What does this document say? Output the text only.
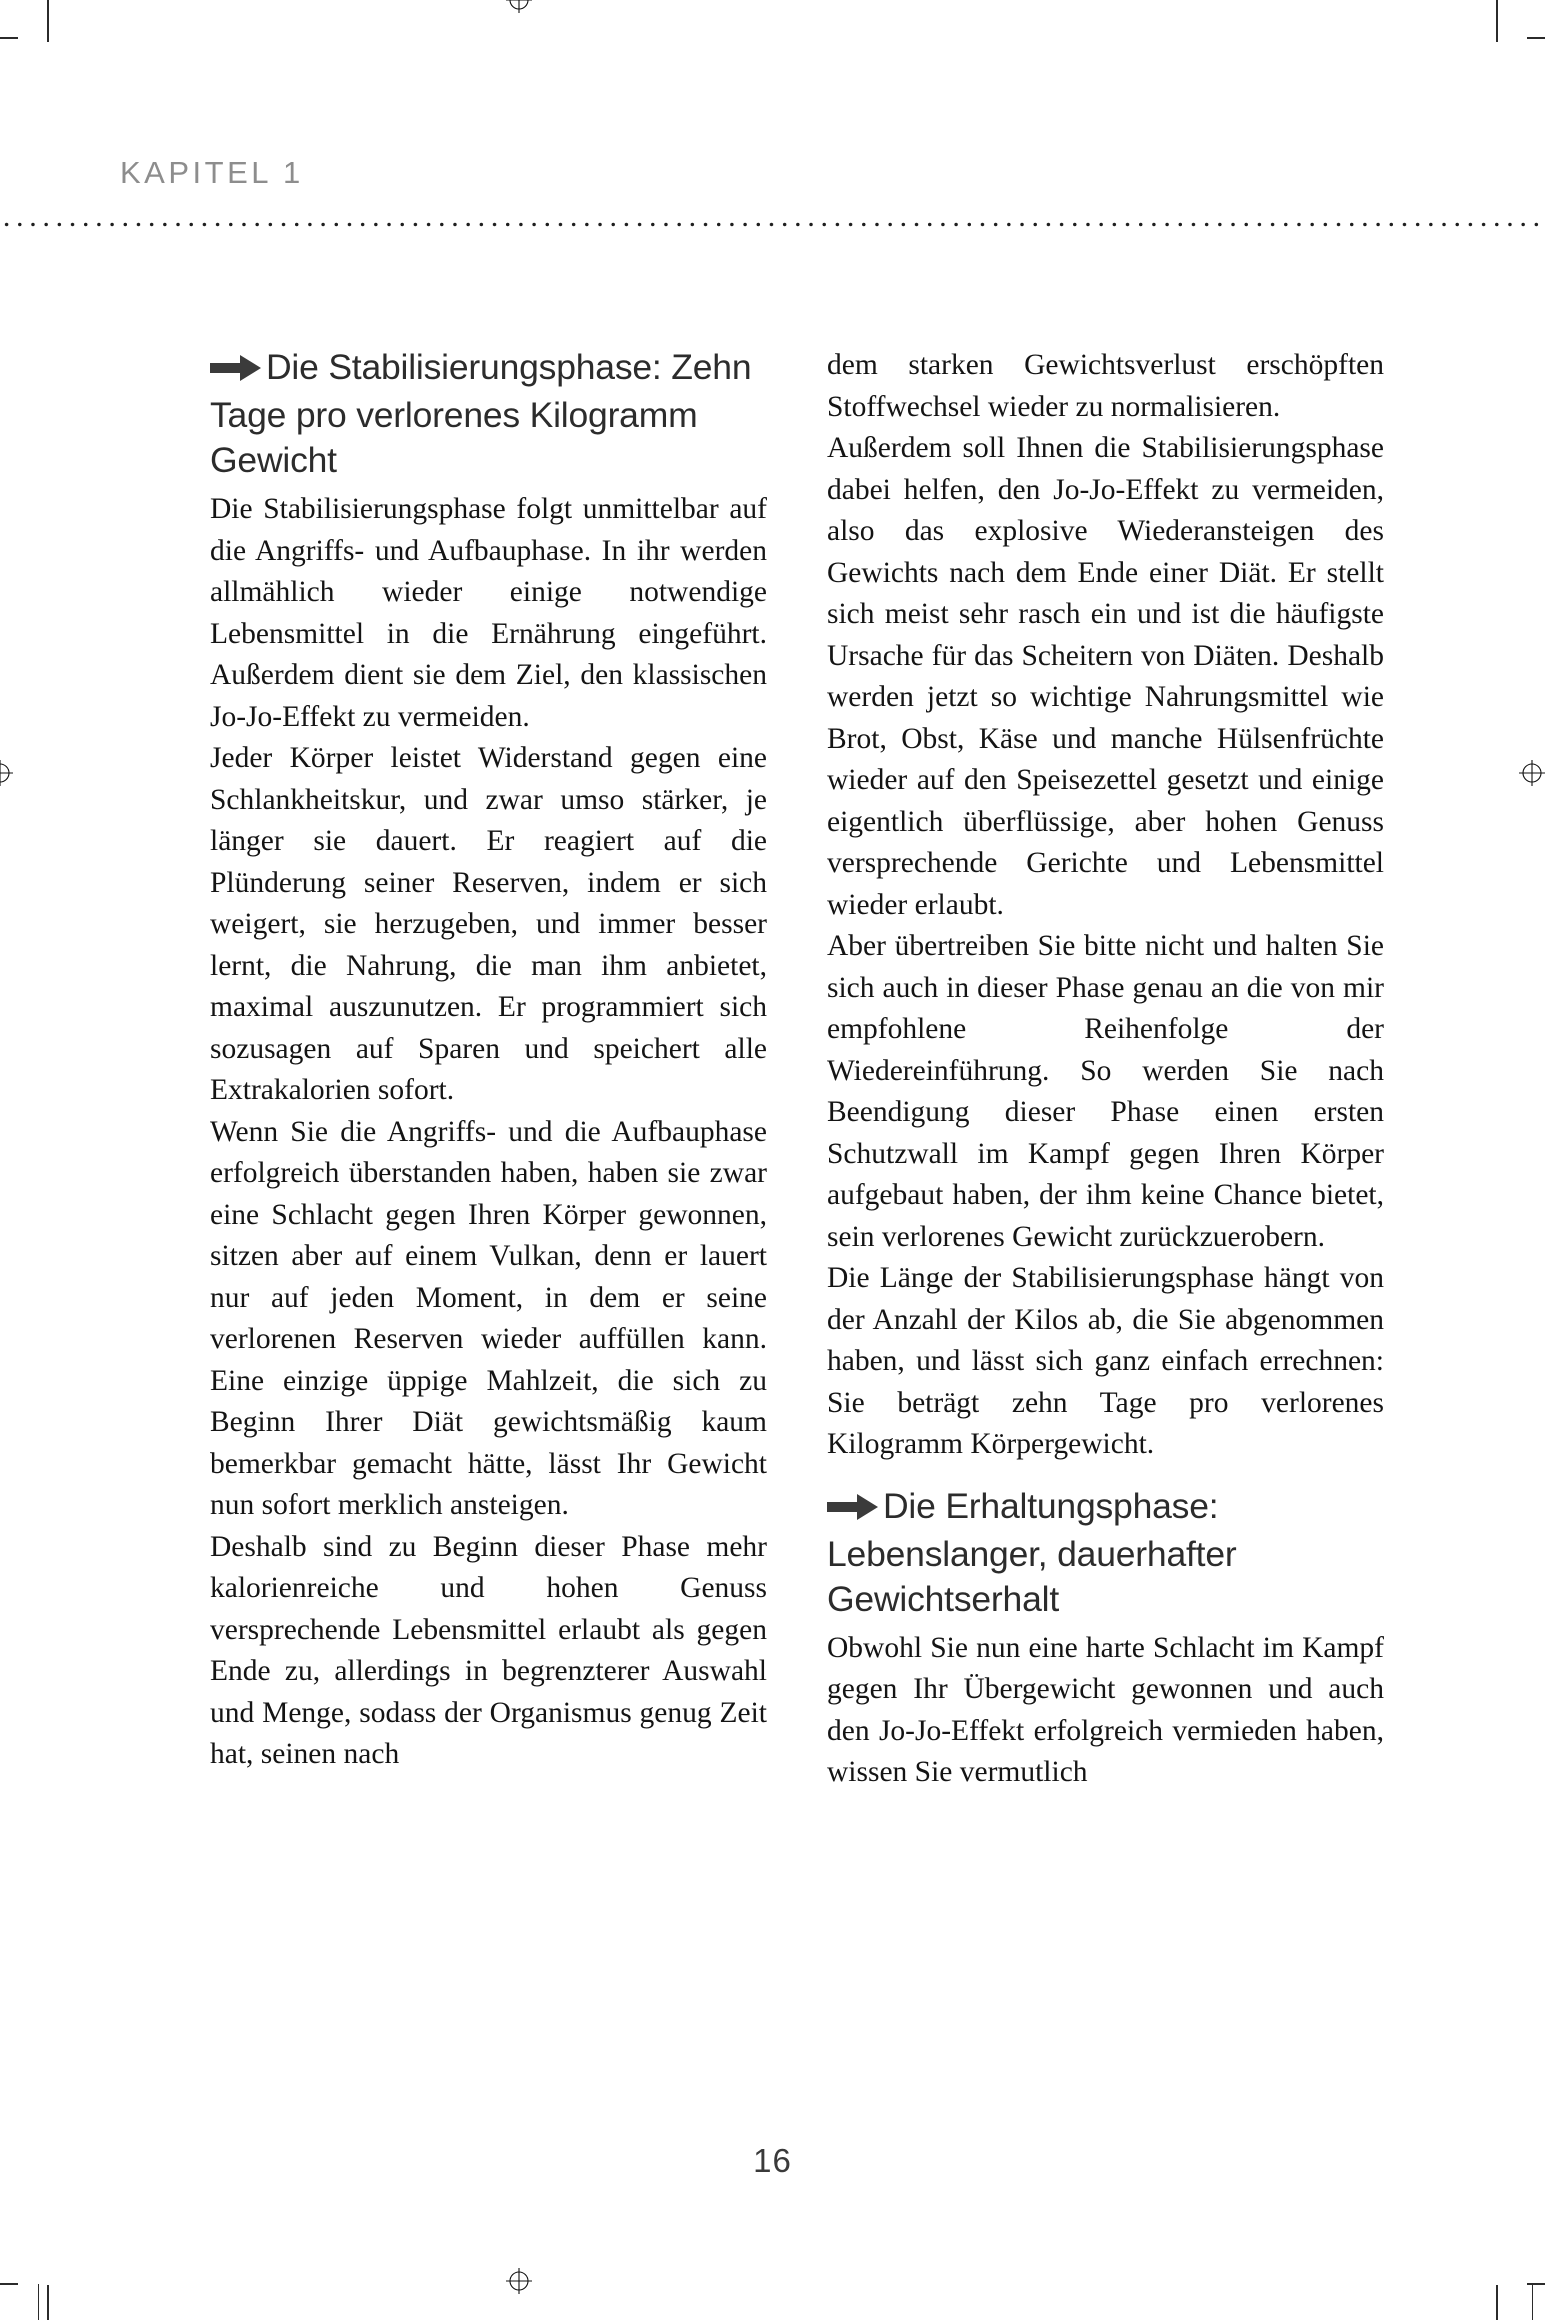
KAPITEL 1
Die Stabilisierungsphase: Zehn Tage pro verlorenes Kilogramm Gewicht

Die Stabilisierungsphase folgt unmittelbar auf die Angriffs- und Aufbauphase. In ihr werden allmählich wieder einige notwendige Lebensmittel in die Ernährung eingeführt. Außerdem dient sie dem Ziel, den klassischen Jo-Jo-Effekt zu vermeiden.

Jeder Körper leistet Widerstand gegen eine Schlankheitskur, und zwar umso stärker, je länger sie dauert. Er reagiert auf die Plünderung seiner Reserven, indem er sich weigert, sie herzugeben, und immer besser lernt, die Nahrung, die man ihm anbietet, maximal auszunutzen. Er programmiert sich sozusagen auf Sparen und speichert alle Extrakalorien sofort.

Wenn Sie die Angriffs- und die Aufbauphase erfolgreich überstanden haben, haben sie zwar eine Schlacht gegen Ihren Körper gewonnen, sitzen aber auf einem Vulkan, denn er lauert nur auf jeden Moment, in dem er seine verlorenen Reserven wieder auffüllen kann. Eine einzige üppige Mahlzeit, die sich zu Beginn Ihrer Diät gewichtsmäßig kaum bemerkbar gemacht hätte, lässt Ihr Gewicht nun sofort merklich ansteigen.

Deshalb sind zu Beginn dieser Phase mehr kalorienreiche und hohen Genuss versprechende Lebensmittel erlaubt als gegen Ende zu, allerdings in begrenzterer Auswahl und Menge, sodass der Organismus genug Zeit hat, seinen nach

dem starken Gewichtsverlust erschöpften Stoffwechsel wieder zu normalisieren.

Außerdem soll Ihnen die Stabilisierungsphase dabei helfen, den Jo-Jo-Effekt zu vermeiden, also das explosive Wiederansteigen des Gewichts nach dem Ende einer Diät. Er stellt sich meist sehr rasch ein und ist die häufigste Ursache für das Scheitern von Diäten. Deshalb werden jetzt so wichtige Nahrungsmittel wie Brot, Obst, Käse und manche Hülsenfrüchte wieder auf den Speisezettel gesetzt und einige eigentlich überflüssige, aber hohen Genuss versprechende Gerichte und Lebensmittel wieder erlaubt.

Aber übertreiben Sie bitte nicht und halten Sie sich auch in dieser Phase genau an die von mir empfohlene Reihenfolge der Wiedereinführung. So werden Sie nach Beendigung dieser Phase einen ersten Schutzwall im Kampf gegen Ihren Körper aufgebaut haben, der ihm keine Chance bietet, sein verlorenes Gewicht zurückzuerobern.

Die Länge der Stabilisierungsphase hängt von der Anzahl der Kilos ab, die Sie abgenommen haben, und lässt sich ganz einfach errechnen: Sie beträgt zehn Tage pro verlorenes Kilogramm Körpergewicht.

Die Erhaltungsphase: Lebenslanger, dauerhafter Gewichtserhalt

Obwohl Sie nun eine harte Schlacht im Kampf gegen Ihr Übergewicht gewonnen und auch den Jo-Jo-Effekt erfolgreich vermieden haben, wissen Sie vermutlich

16
